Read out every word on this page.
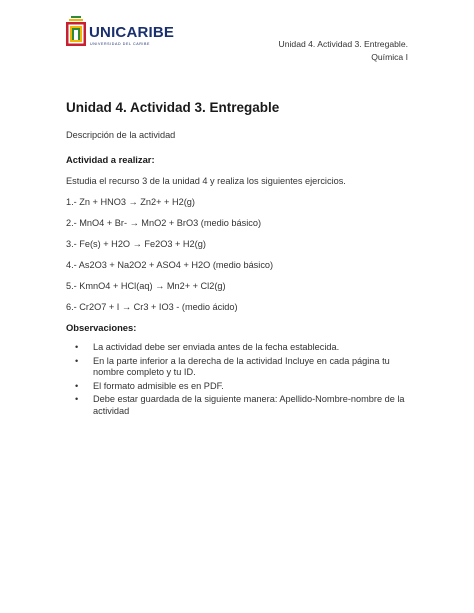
UNICARIBE
UNIVERSIDAD DEL CARIBE	Unidad 4. Actividad 3. Entregable.
Química I
Unidad 4. Actividad 3. Entregable
Descripción de la actividad
Actividad a realizar:
Estudia el recurso 3 de la unidad 4 y realiza los siguientes ejercicios.
1.- Zn + HNO3 → Zn2+ + H2(g)
2.- MnO4 + Br- → MnO2 + BrO3 (medio básico)
3.- Fe(s) + H2O → Fe2O3 + H2(g)
4.- As2O3 + Na2O2 + ASO4 + H2O (medio básico)
5.- KmnO4 + HCl(aq) → Mn2+ + Cl2(g)
6.- Cr2O7 + I → Cr3 + IO3 - (medio ácido)
Observaciones:
• La actividad debe ser enviada antes de la fecha establecida.
• En la parte inferior a la derecha de la actividad Incluye en cada página tu nombre completo y tu ID.
• El formato admisible es en PDF.
• Debe estar guardada de la siguiente manera: Apellido-Nombre-nombre de la actividad
